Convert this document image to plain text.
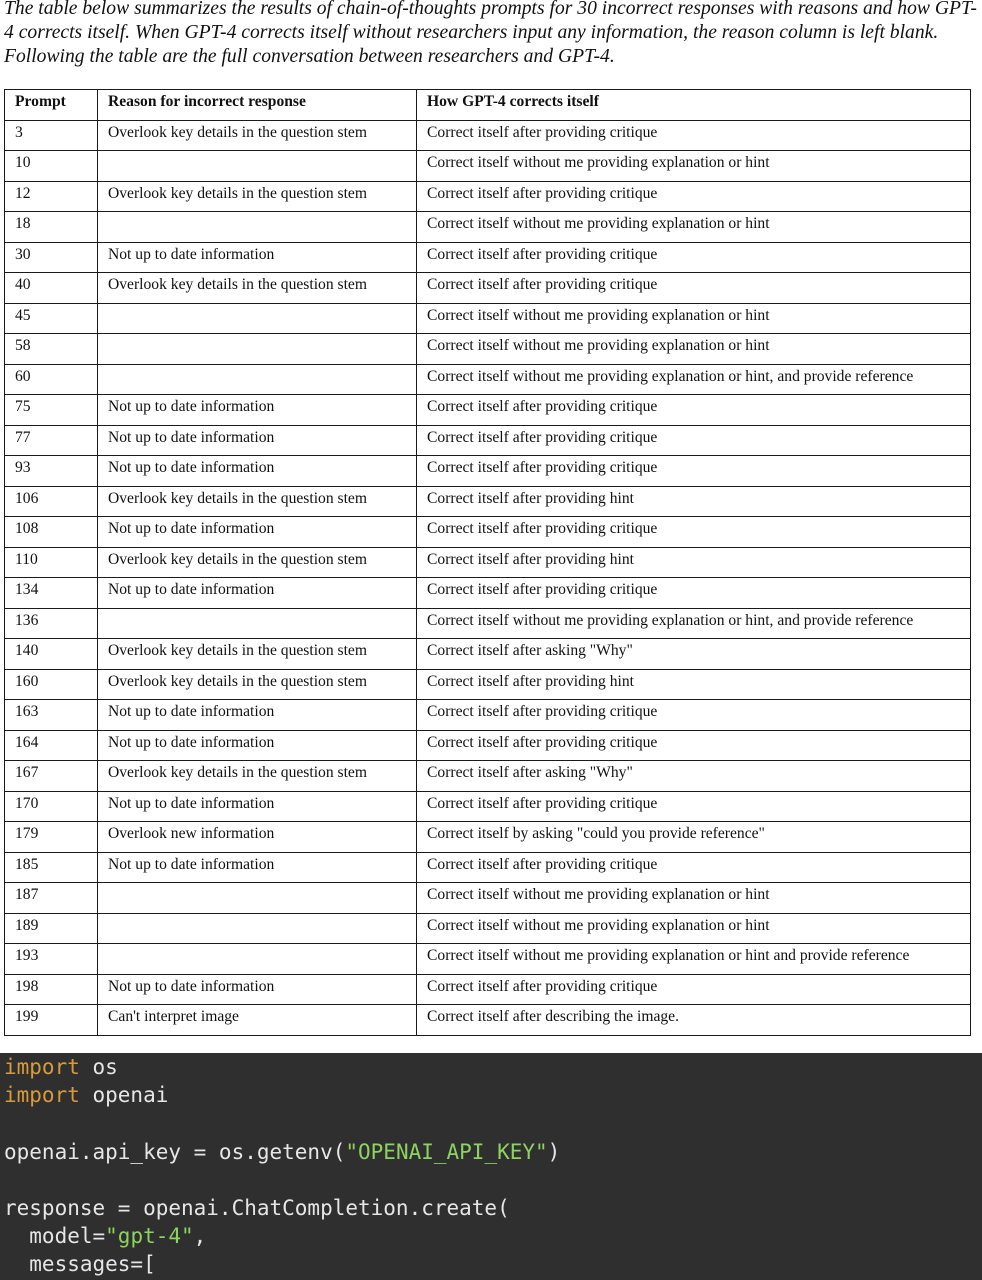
The table below summarizes the results of chain-of-thoughts prompts for 30 incorrect responses with reasons and how GPT-4 corrects itself. When GPT-4 corrects itself without researchers input any information, the reason column is left blank. Following the table are the full conversation between researchers and GPT-4.

Prompt	Reason for incorrect response	How GPT-4 corrects itself
3	Overlook key details in the question stem	Correct itself after providing critique
10		Correct itself without me providing explanation or hint
12	Overlook key details in the question stem	Correct itself after providing critique
18		Correct itself without me providing explanation or hint
30	Not up to date information	Correct itself after providing critique
40	Overlook key details in the question stem	Correct itself after providing critique
45		Correct itself without me providing explanation or hint
58		Correct itself without me providing explanation or hint
60		Correct itself without me providing explanation or hint, and provide reference
75	Not up to date information	Correct itself after providing critique
77	Not up to date information	Correct itself after providing critique
93	Not up to date information	Correct itself after providing critique
106	Overlook key details in the question stem	Correct itself after providing hint
108	Not up to date information	Correct itself after providing critique
110	Overlook key details in the question stem	Correct itself after providing hint
134	Not up to date information	Correct itself after providing critique
136		Correct itself without me providing explanation or hint, and provide reference
140	Overlook key details in the question stem	Correct itself after asking "Why"
160	Overlook key details in the question stem	Correct itself after providing hint
163	Not up to date information	Correct itself after providing critique
164	Not up to date information	Correct itself after providing critique
167	Overlook key details in the question stem	Correct itself after asking "Why"
170	Not up to date information	Correct itself after providing critique
179	Overlook new information	Correct itself by asking "could you provide reference"
185	Not up to date information	Correct itself after providing critique
187		Correct itself without me providing explanation or hint
189		Correct itself without me providing explanation or hint
193		Correct itself without me providing explanation or hint and provide reference
198	Not up to date information	Correct itself after providing critique
199	Can't interpret image	Correct itself after describing the image.
import os
import openai

openai.api_key = os.getenv("OPENAI_API_KEY")

response = openai.ChatCompletion.create(
model="gpt-4",
messages=[
